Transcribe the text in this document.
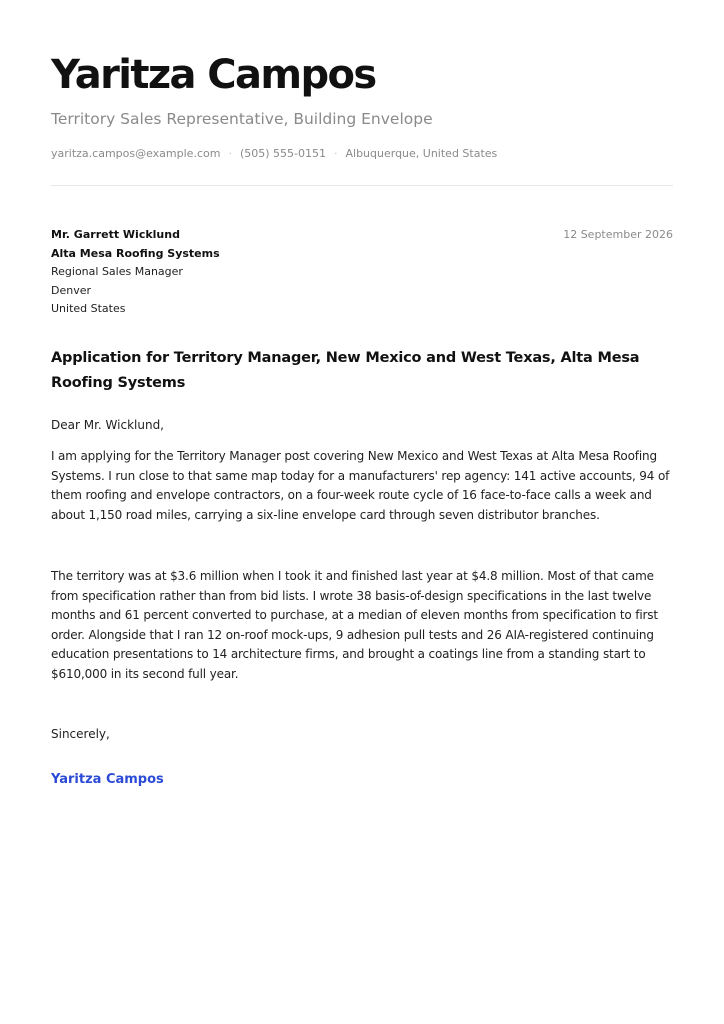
Yaritza Campos
Territory Sales Representative, Building Envelope
yaritza.campos@example.com · (505) 555-0151 · Albuquerque, United States
Mr. Garrett Wicklund
Alta Mesa Roofing Systems
Regional Sales Manager
Denver
United States
12 September 2026
Application for Territory Manager, New Mexico and West Texas, Alta Mesa Roofing Systems
Dear Mr. Wicklund,

I am applying for the Territory Manager post covering New Mexico and West Texas at Alta Mesa Roofing Systems. I run close to that same map today for a manufacturers' rep agency: 141 active accounts, 94 of them roofing and envelope contractors, on a four-week route cycle of 16 face-to-face calls a week and about 1,150 road miles, carrying a six-line envelope card through seven distributor branches.

The territory was at $3.6 million when I took it and finished last year at $4.8 million. Most of that came from specification rather than from bid lists. I wrote 38 basis-of-design specifications in the last twelve months and 61 percent converted to purchase, at a median of eleven months from specification to first order. Alongside that I ran 12 on-roof mock-ups, 9 adhesion pull tests and 26 AIA-registered continuing education presentations to 14 architecture firms, and brought a coatings line from a standing start to $610,000 in its second full year.

Sincerely,
Yaritza Campos
